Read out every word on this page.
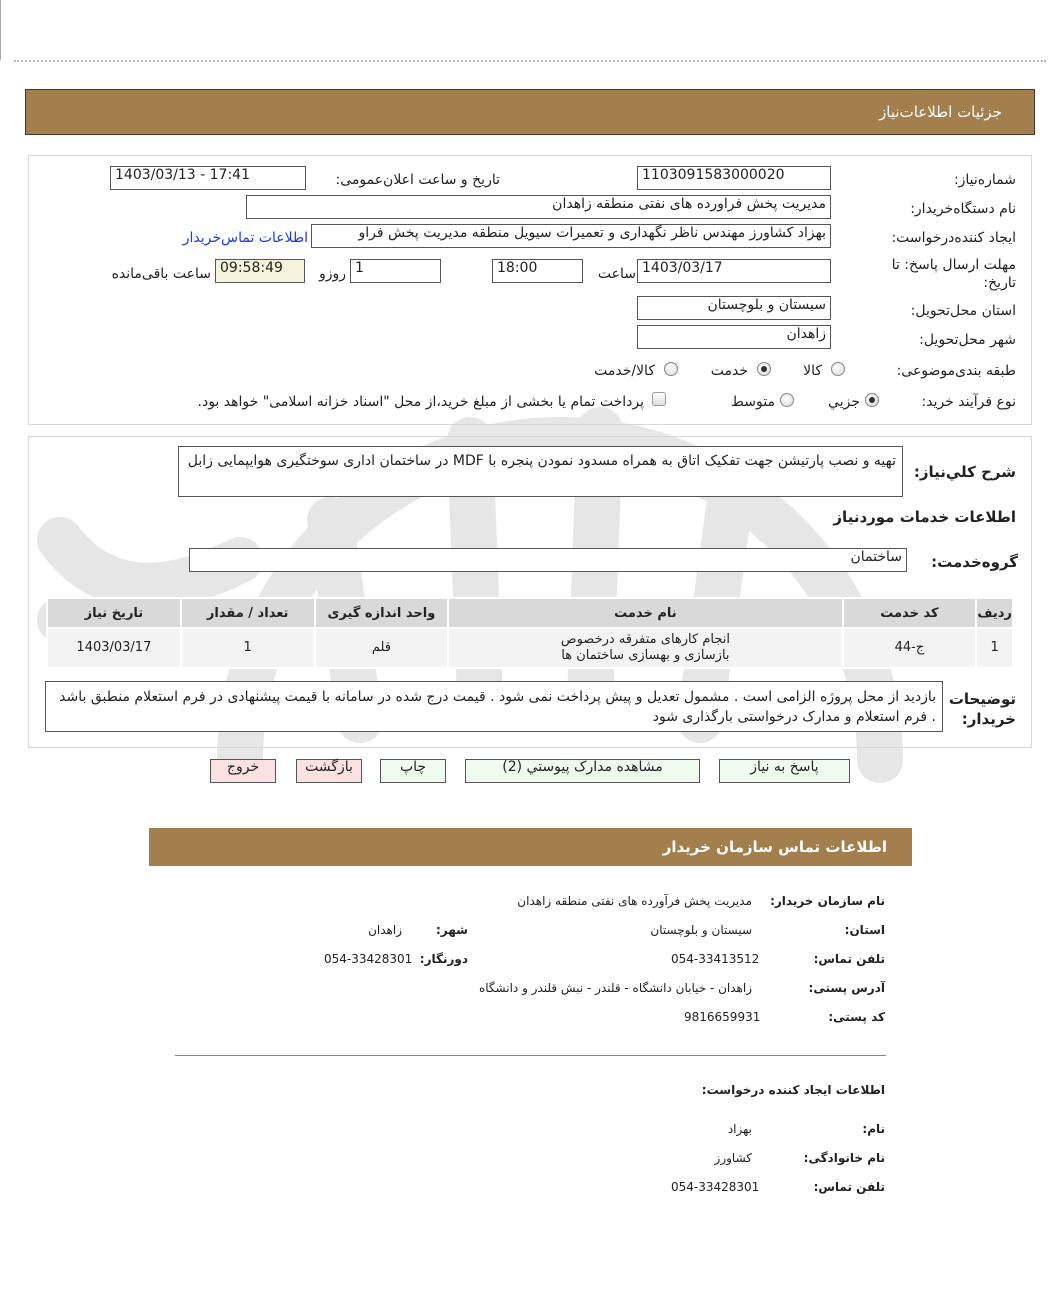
جزئیات اطلاعات‌نیاز
شماره‌نیاز:
1103091583000020
تاریخ و ساعت اعلان‌عمومی:
1403/03/13 - 17:41
نام دستگاه‌خریدار:
مدیریت پخش فراورده های نفتی منطقه زاهدان
ایجاد کننده‌درخواست:
بهزاد کشاورز مهندس ناظر نگهداری و تعمیرات سیویل منطقه مدیریت پخش فراو
اطلاعات تماس‌خریدار
مهلت ارسال پاسخ: تا
تاریخ:
1403/03/17
ساعت
18:00
1
روزو
09:58:49
ساعت باقی‌مانده
استان محل‌تحویل:
سیستان و بلوچستان
شهر محل‌تحویل:
زاهدان
طبقه بندی‌موضوعی:
کالا
خدمت
کالا/خدمت
نوع فرآیند خرید:
جزیي
متوسط
پرداخت تمام یا بخشی از مبلغ خرید،از محل "اسناد خزانه اسلامی" خواهد بود.
شرح کلي‌نیاز:
تهیه و نصب پارتیشن جهت تفکیک اتاق به همراه مسدود نمودن پنجره با MDF در ساختمان اداری سوختگیری هوایپمایی زابل
اطلاعات خدمات موردنیاز
گروه‌خدمت:
ساختمان
ردیف	کد خدمت	نام خدمت	واحد اندازه گیری	تعداد / مقدار	تاریخ نیاز
1	ج-44	انجام کارهای متفرقه درخصوص بازسازی و بهسازی ساختمان ها	قلم	1	1403/03/17
توضیحات
خریدار:
بازدید از محل پروژه الزامی است . مشمول تعدیل و پیش پرداخت نمی شود . قیمت درج شده در سامانه با قیمت پیشنهادی در فرم استعلام منطبق باشد . فرم استعلام و مدارک درخواستی بارگذاری شود
پاسخ به نیاز
مشاهده مدارک پیوستي (2)
چاپ
بازگشت
خروج
اطلاعات تماس سازمان خریدار
نام سازمان خریدار:
مدیریت پخش فرآورده های نفتی منطقه زاهدان
استان:
سیستان و بلوچستان
شهر:
زاهدان
تلفن تماس:
054-33413512
دورنگار:
054-33428301
آدرس پستی:
زاهدان - خیابان دانشگاه - قلندر - نبش قلندر و دانشگاه
کد پستی:
9816659931
اطلاعات ایجاد کننده درخواست:
نام:
بهزاد
نام خانوادگی:
کشاورز
تلفن تماس:
054-33428301
